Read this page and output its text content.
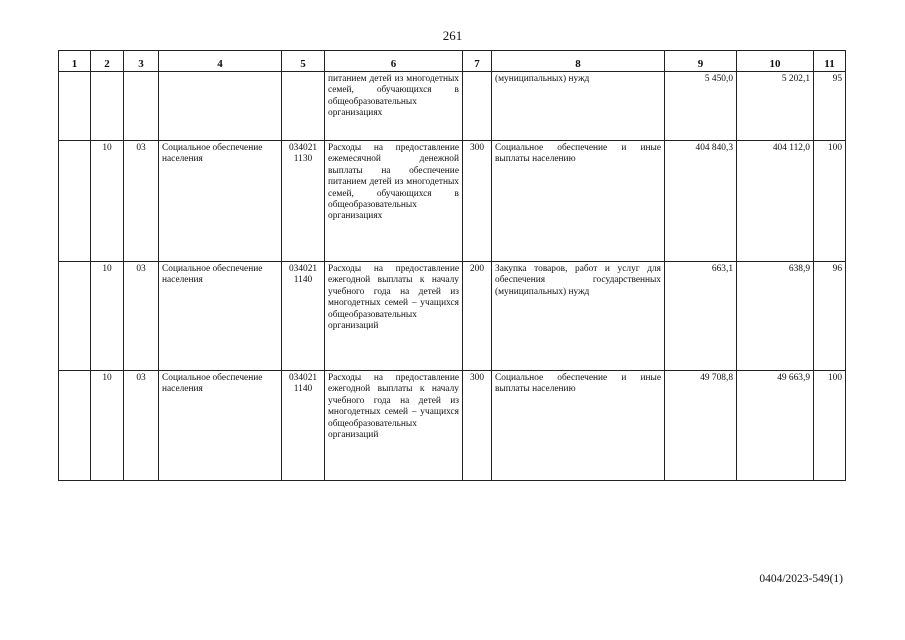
261
1	2	3	4	5	6	7	8	9	10	11
					питанием детей из многодетных семей, обучающихся в общеобразовательных организациях		(муниципальных) нужд	5 450,0	5 202,1	95
	10	03	Социальное обеспечение населения	034021 1130	Расходы на предоставление ежемесячной денежной выплаты на обеспечение питанием детей из многодетных семей, обучающихся в общеобразовательных организациях	300	Социальное обеспечение и иные выплаты населению	404 840,3	404 112,0	100
	10	03	Социальное обеспечение населения	034021 1140	Расходы на предоставление ежегодной выплаты к началу учебного года на детей из многодетных семей – учащихся общеобразовательных организаций	200	Закупка товаров, работ и услуг для обеспечения государственных (муниципальных) нужд	663,1	638,9	96
	10	03	Социальное обеспечение населения	034021 1140	Расходы на предоставление ежегодной выплаты к началу учебного года на детей из многодетных семей – учащихся общеобразовательных организаций	300	Социальное обеспечение и иные выплаты населению	49 708,8	49 663,9	100
0404/2023-549(1)
